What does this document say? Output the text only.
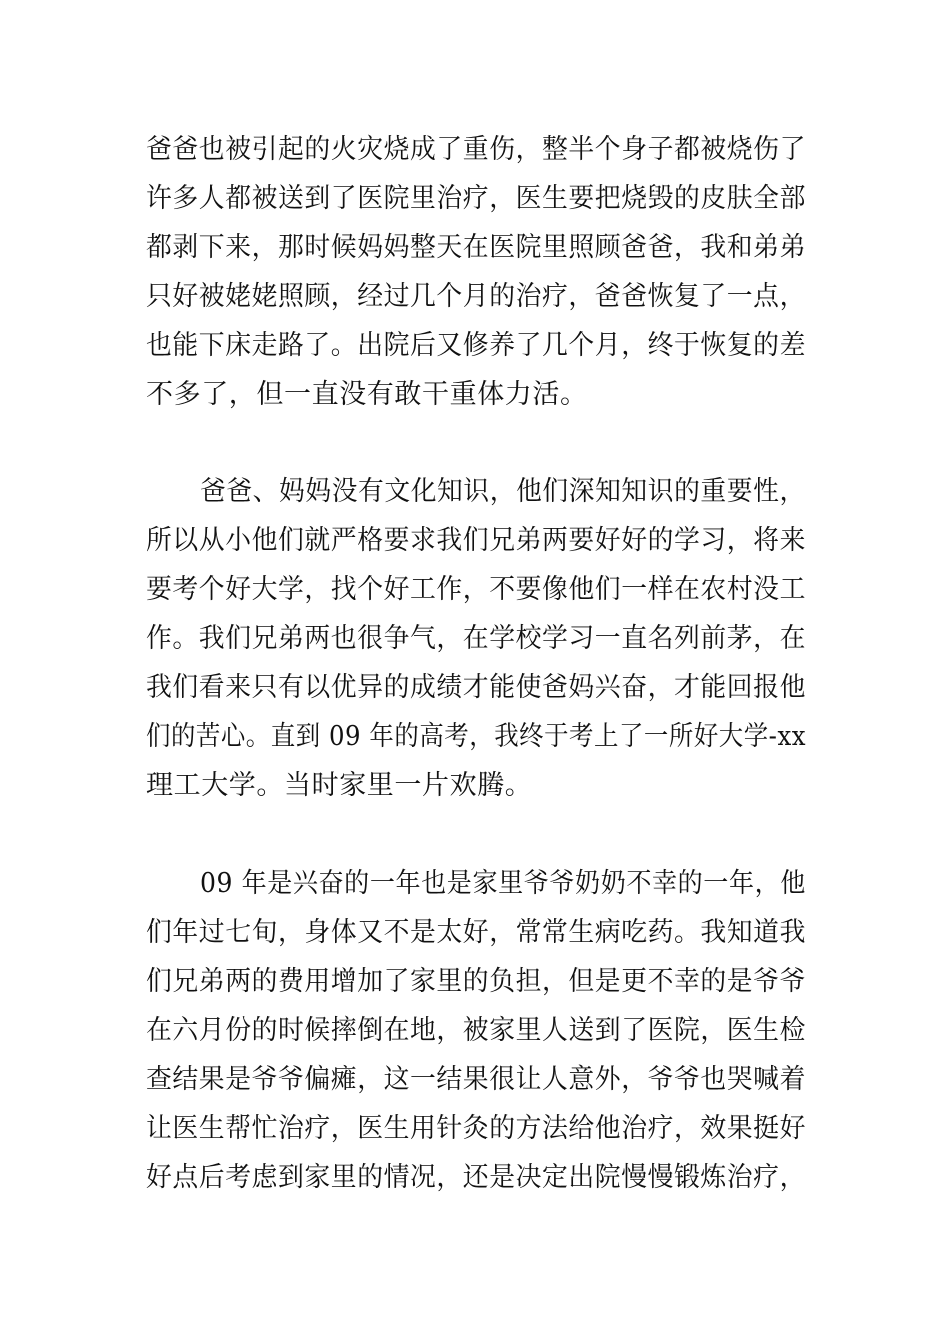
爸爸也被引起的火灾烧成了重伤，整半个身子都被烧伤了
许多人都被送到了医院里治疗，医生要把烧毁的皮肤全部
都剥下来，那时候妈妈整天在医院里照顾爸爸，我和弟弟
只好被姥姥照顾，经过几个月的治疗，爸爸恢复了一点，
也能下床走路了。出院后又修养了几个月，终于恢复的差
不多了，但一直没有敢干重体力活。
爸爸、妈妈没有文化知识，他们深知知识的重要性，
所以从小他们就严格要求我们兄弟两要好好的学习，将来
要考个好大学，找个好工作，不要像他们一样在农村没工
作。我们兄弟两也很争气，在学校学习一直名列前茅，在
我们看来只有以优异的成绩才能使爸妈兴奋，才能回报他
们的苦心。直到 09 年的高考，我终于考上了一所好大学-xx
理工大学。当时家里一片欢腾。
09 年是兴奋的一年也是家里爷爷奶奶不幸的一年，他
们年过七旬，身体又不是太好，常常生病吃药。我知道我
们兄弟两的费用增加了家里的负担，但是更不幸的是爷爷
在六月份的时候摔倒在地，被家里人送到了医院，医生检
查结果是爷爷偏瘫，这一结果很让人意外，爷爷也哭喊着
让医生帮忙治疗，医生用针灸的方法给他治疗，效果挺好
好点后考虑到家里的情况，还是决定出院慢慢锻炼治疗，
